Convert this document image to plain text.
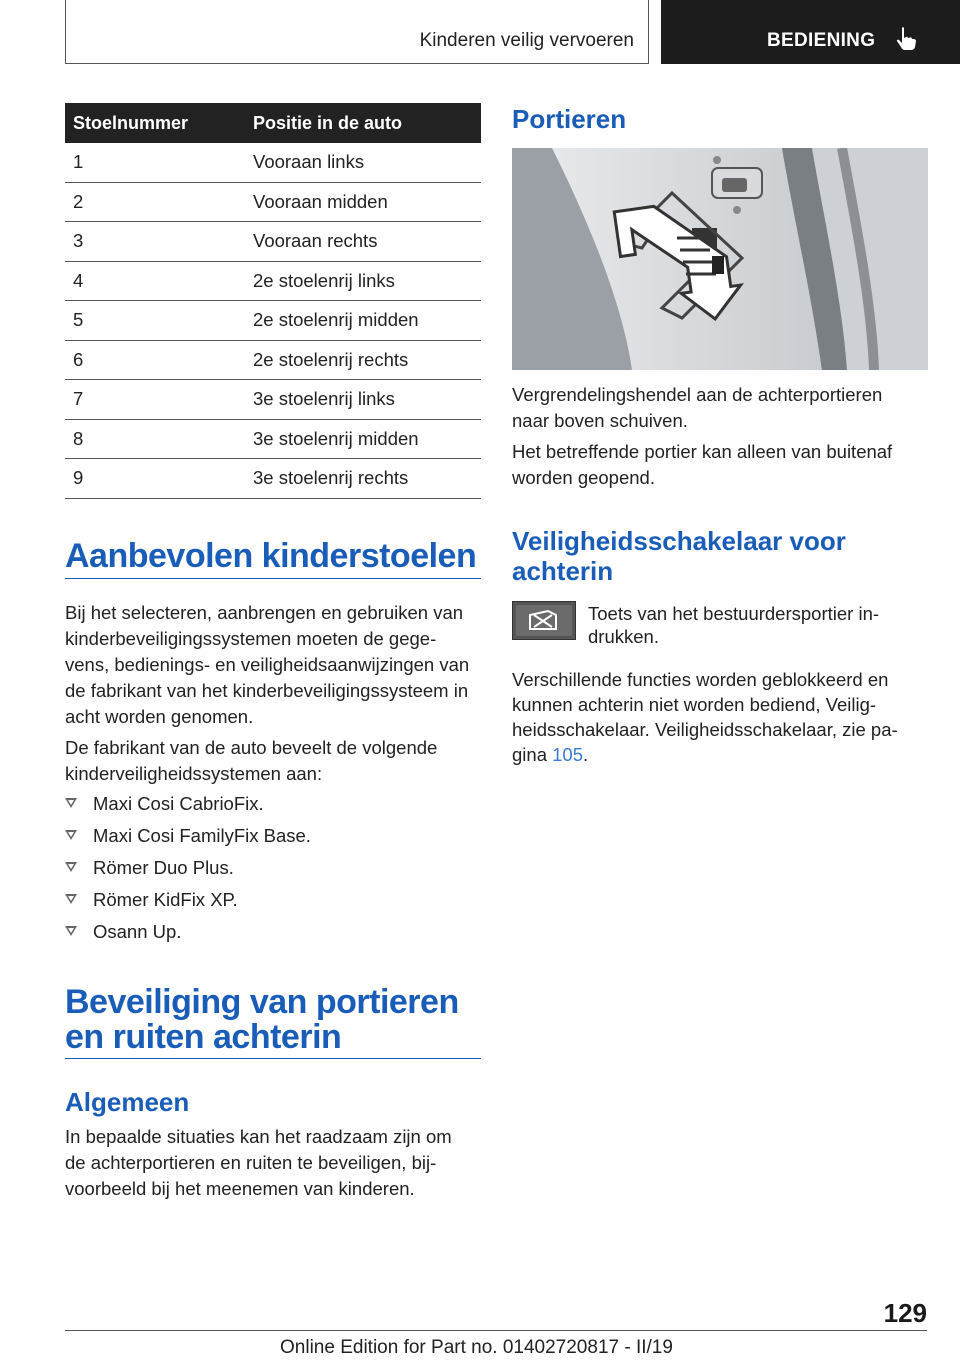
Kinderen veilig vervoeren	BEDIENING
Stoelnummer	Positie in de auto
1	Vooraan links
2	Vooraan midden
3	Vooraan rechts
4	2e stoelenrij links
5	2e stoelenrij midden
6	2e stoelenrij rechts
7	3e stoelenrij links
8	3e stoelenrij midden
9	3e stoelenrij rechts
Aanbevolen kinderstoelen

Bij het selecteren, aanbrengen en gebruiken van

kinderbeveiligingssystemen moeten de gege-

vens, bedienings- en veiligheidsaanwijzingen van

de fabrikant van het kinderbeveiligingssysteem in

acht worden genomen.

De fabrikant van de auto beveelt de volgende

kinderveiligheidssystemen aan:

Maxi Cosi CabrioFix.
Maxi Cosi FamilyFix Base.
Römer Duo Plus.
Römer KidFix XP.
Osann Up.
Beveiliging van portieren
en ruiten achterin
Algemeen

In bepaalde situaties kan het raadzaam zijn om

de achterportieren en ruiten te beveiligen, bij-

voorbeeld bij het meenemen van kinderen.

Portieren

Vergrendelingshendel aan de achterportieren

naar boven schuiven.

Het betreffende portier kan alleen van buitenaf

worden geopend.

Veiligheidsschakelaar voor
achterin

Toets van het bestuurdersportier in-

drukken.

Verschillende functies worden geblokkeerd en

kunnen achterin niet worden bediend, Veilig-

heidsschakelaar. Veiligheidsschakelaar, zie pa-

gina 105.

129
Online Edition for Part no. 01402720817 - II/19
